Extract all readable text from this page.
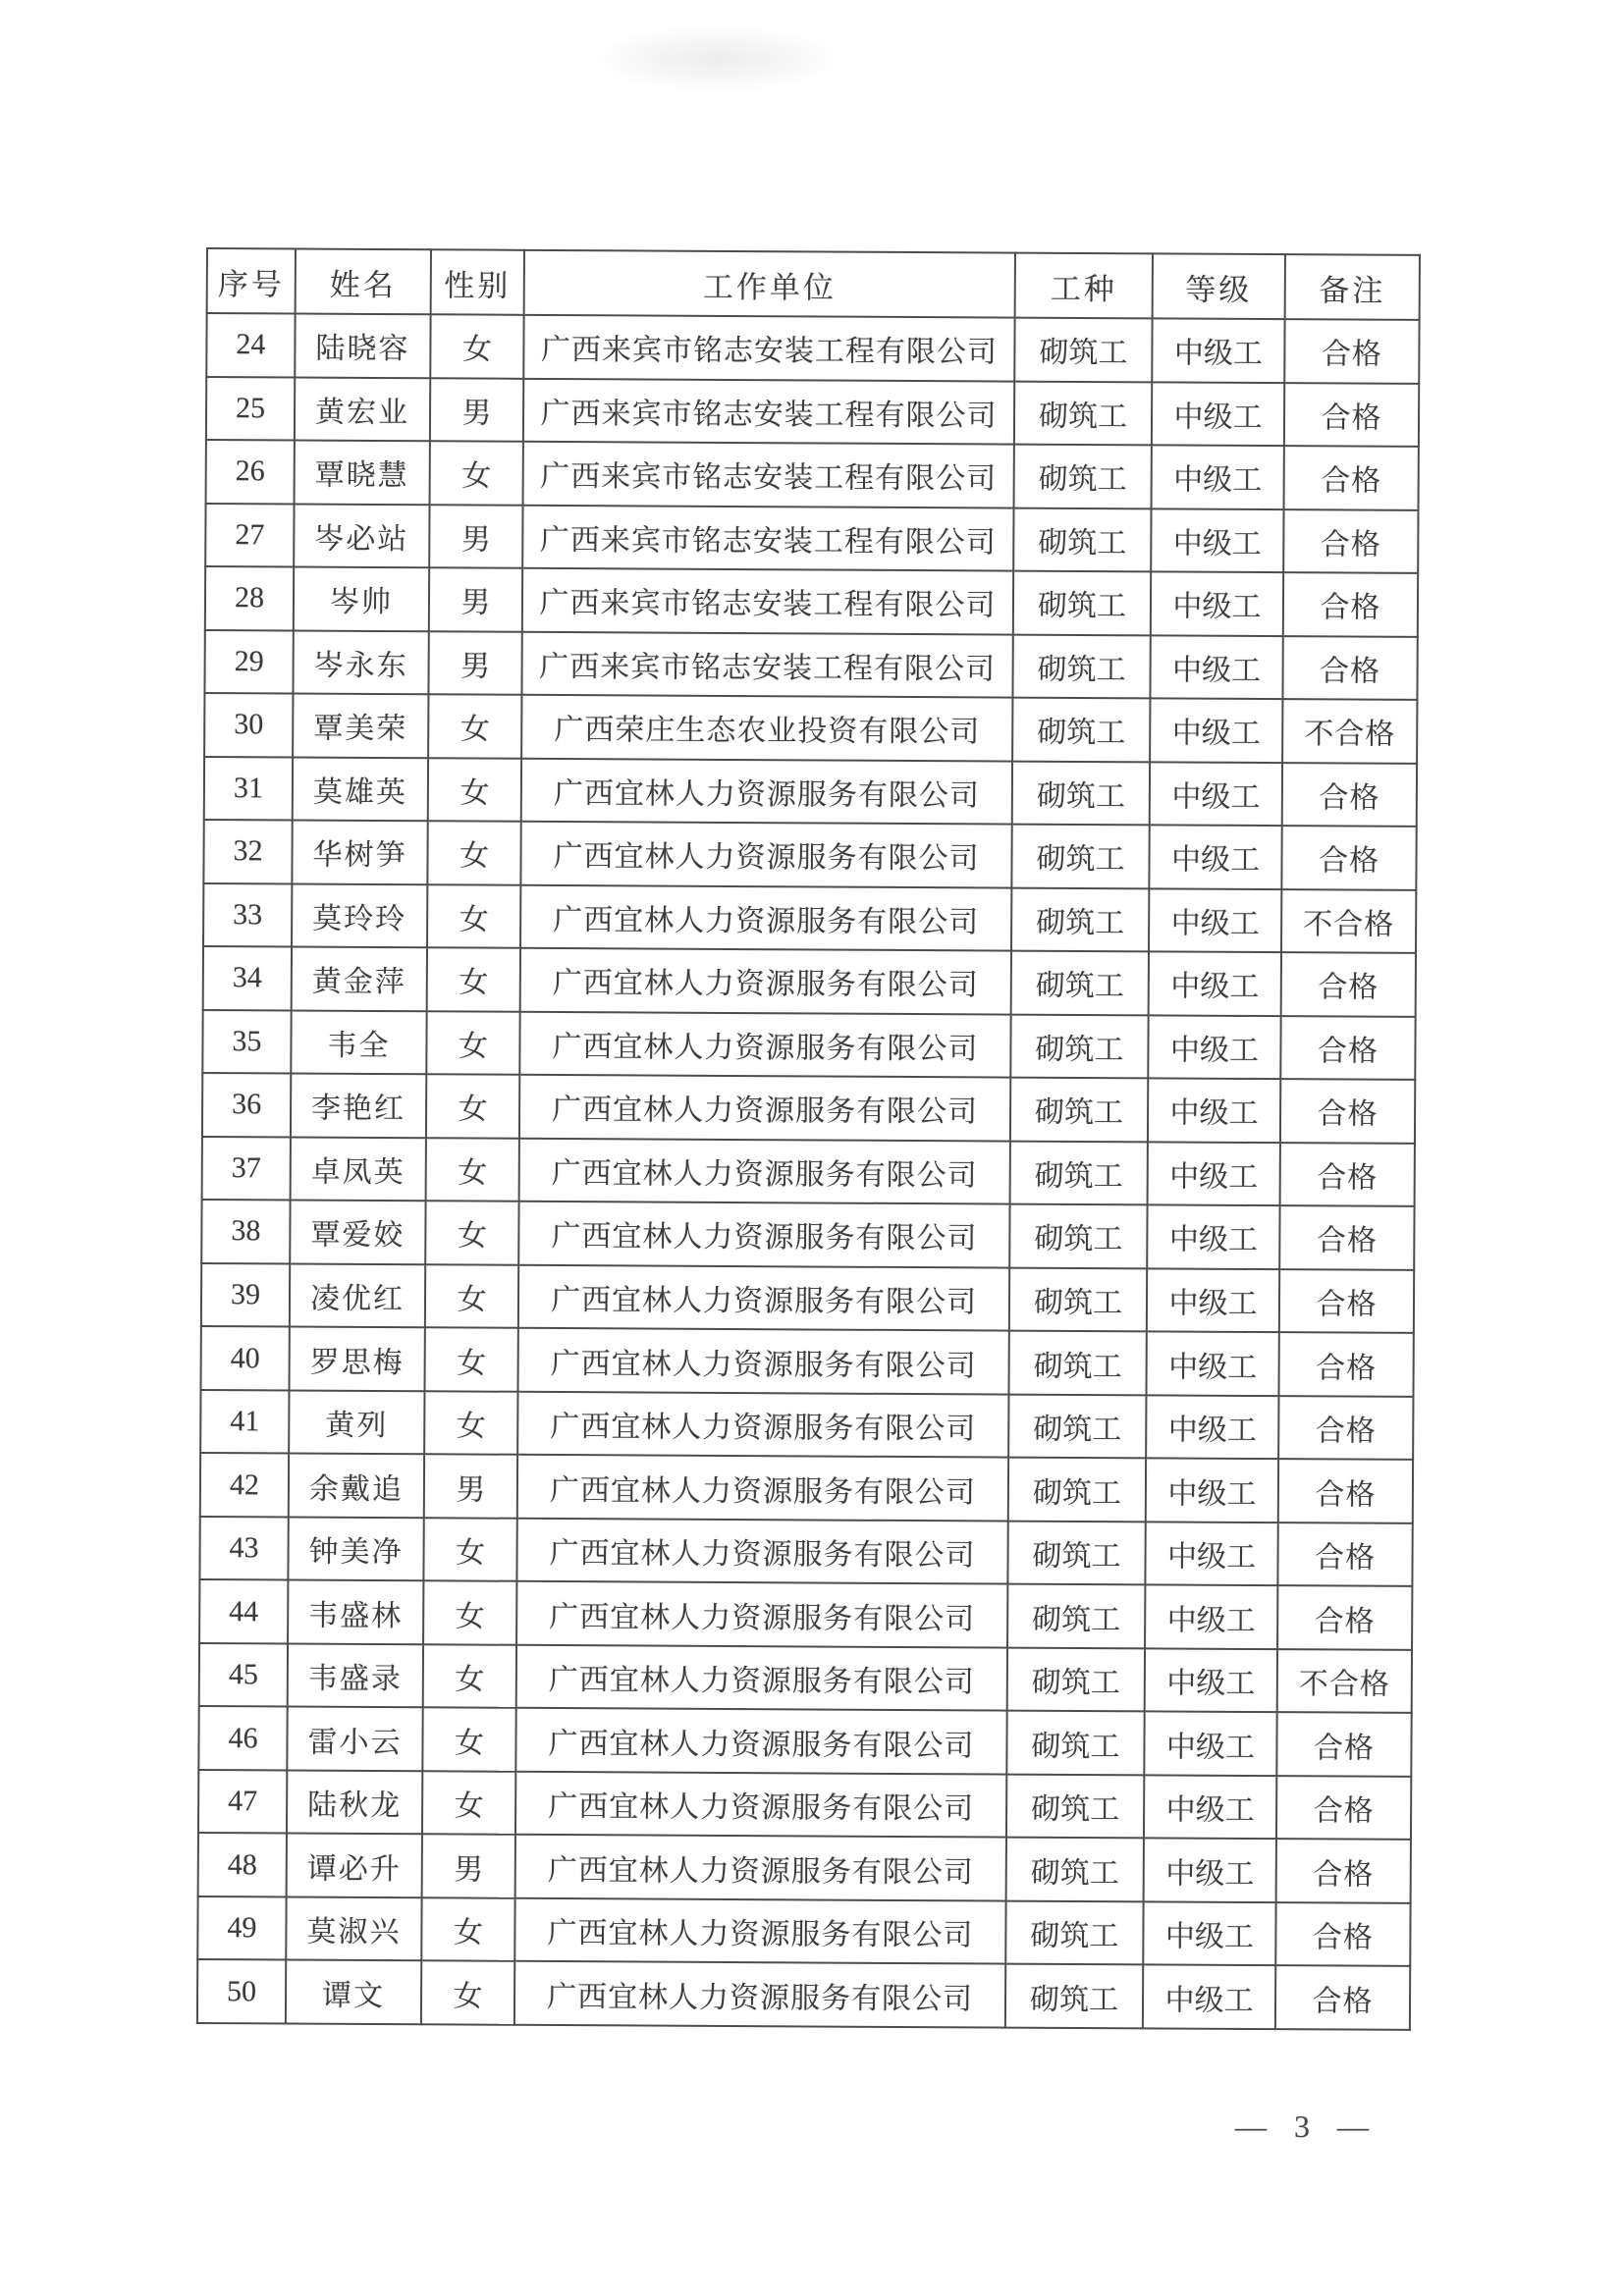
序号	姓名	性别	工作单位	工种	等级	备注
24	陆晓容	女	广西来宾市铭志安装工程有限公司	砌筑工	中级工	合格
25	黄宏业	男	广西来宾市铭志安装工程有限公司	砌筑工	中级工	合格
26	覃晓慧	女	广西来宾市铭志安装工程有限公司	砌筑工	中级工	合格
27	岑必站	男	广西来宾市铭志安装工程有限公司	砌筑工	中级工	合格
28	岑帅	男	广西来宾市铭志安装工程有限公司	砌筑工	中级工	合格
29	岑永东	男	广西来宾市铭志安装工程有限公司	砌筑工	中级工	合格
30	覃美荣	女	广西荣庄生态农业投资有限公司	砌筑工	中级工	不合格
31	莫雄英	女	广西宜林人力资源服务有限公司	砌筑工	中级工	合格
32	华树笋	女	广西宜林人力资源服务有限公司	砌筑工	中级工	合格
33	莫玲玲	女	广西宜林人力资源服务有限公司	砌筑工	中级工	不合格
34	黄金萍	女	广西宜林人力资源服务有限公司	砌筑工	中级工	合格
35	韦全	女	广西宜林人力资源服务有限公司	砌筑工	中级工	合格
36	李艳红	女	广西宜林人力资源服务有限公司	砌筑工	中级工	合格
37	卓凤英	女	广西宜林人力资源服务有限公司	砌筑工	中级工	合格
38	覃爱姣	女	广西宜林人力资源服务有限公司	砌筑工	中级工	合格
39	凌优红	女	广西宜林人力资源服务有限公司	砌筑工	中级工	合格
40	罗思梅	女	广西宜林人力资源服务有限公司	砌筑工	中级工	合格
41	黄列	女	广西宜林人力资源服务有限公司	砌筑工	中级工	合格
42	余戴追	男	广西宜林人力资源服务有限公司	砌筑工	中级工	合格
43	钟美净	女	广西宜林人力资源服务有限公司	砌筑工	中级工	合格
44	韦盛林	女	广西宜林人力资源服务有限公司	砌筑工	中级工	合格
45	韦盛录	女	广西宜林人力资源服务有限公司	砌筑工	中级工	不合格
46	雷小云	女	广西宜林人力资源服务有限公司	砌筑工	中级工	合格
47	陆秋龙	女	广西宜林人力资源服务有限公司	砌筑工	中级工	合格
48	谭必升	男	广西宜林人力资源服务有限公司	砌筑工	中级工	合格
49	莫淑兴	女	广西宜林人力资源服务有限公司	砌筑工	中级工	合格
50	谭文	女	广西宜林人力资源服务有限公司	砌筑工	中级工	合格
— 3 —
